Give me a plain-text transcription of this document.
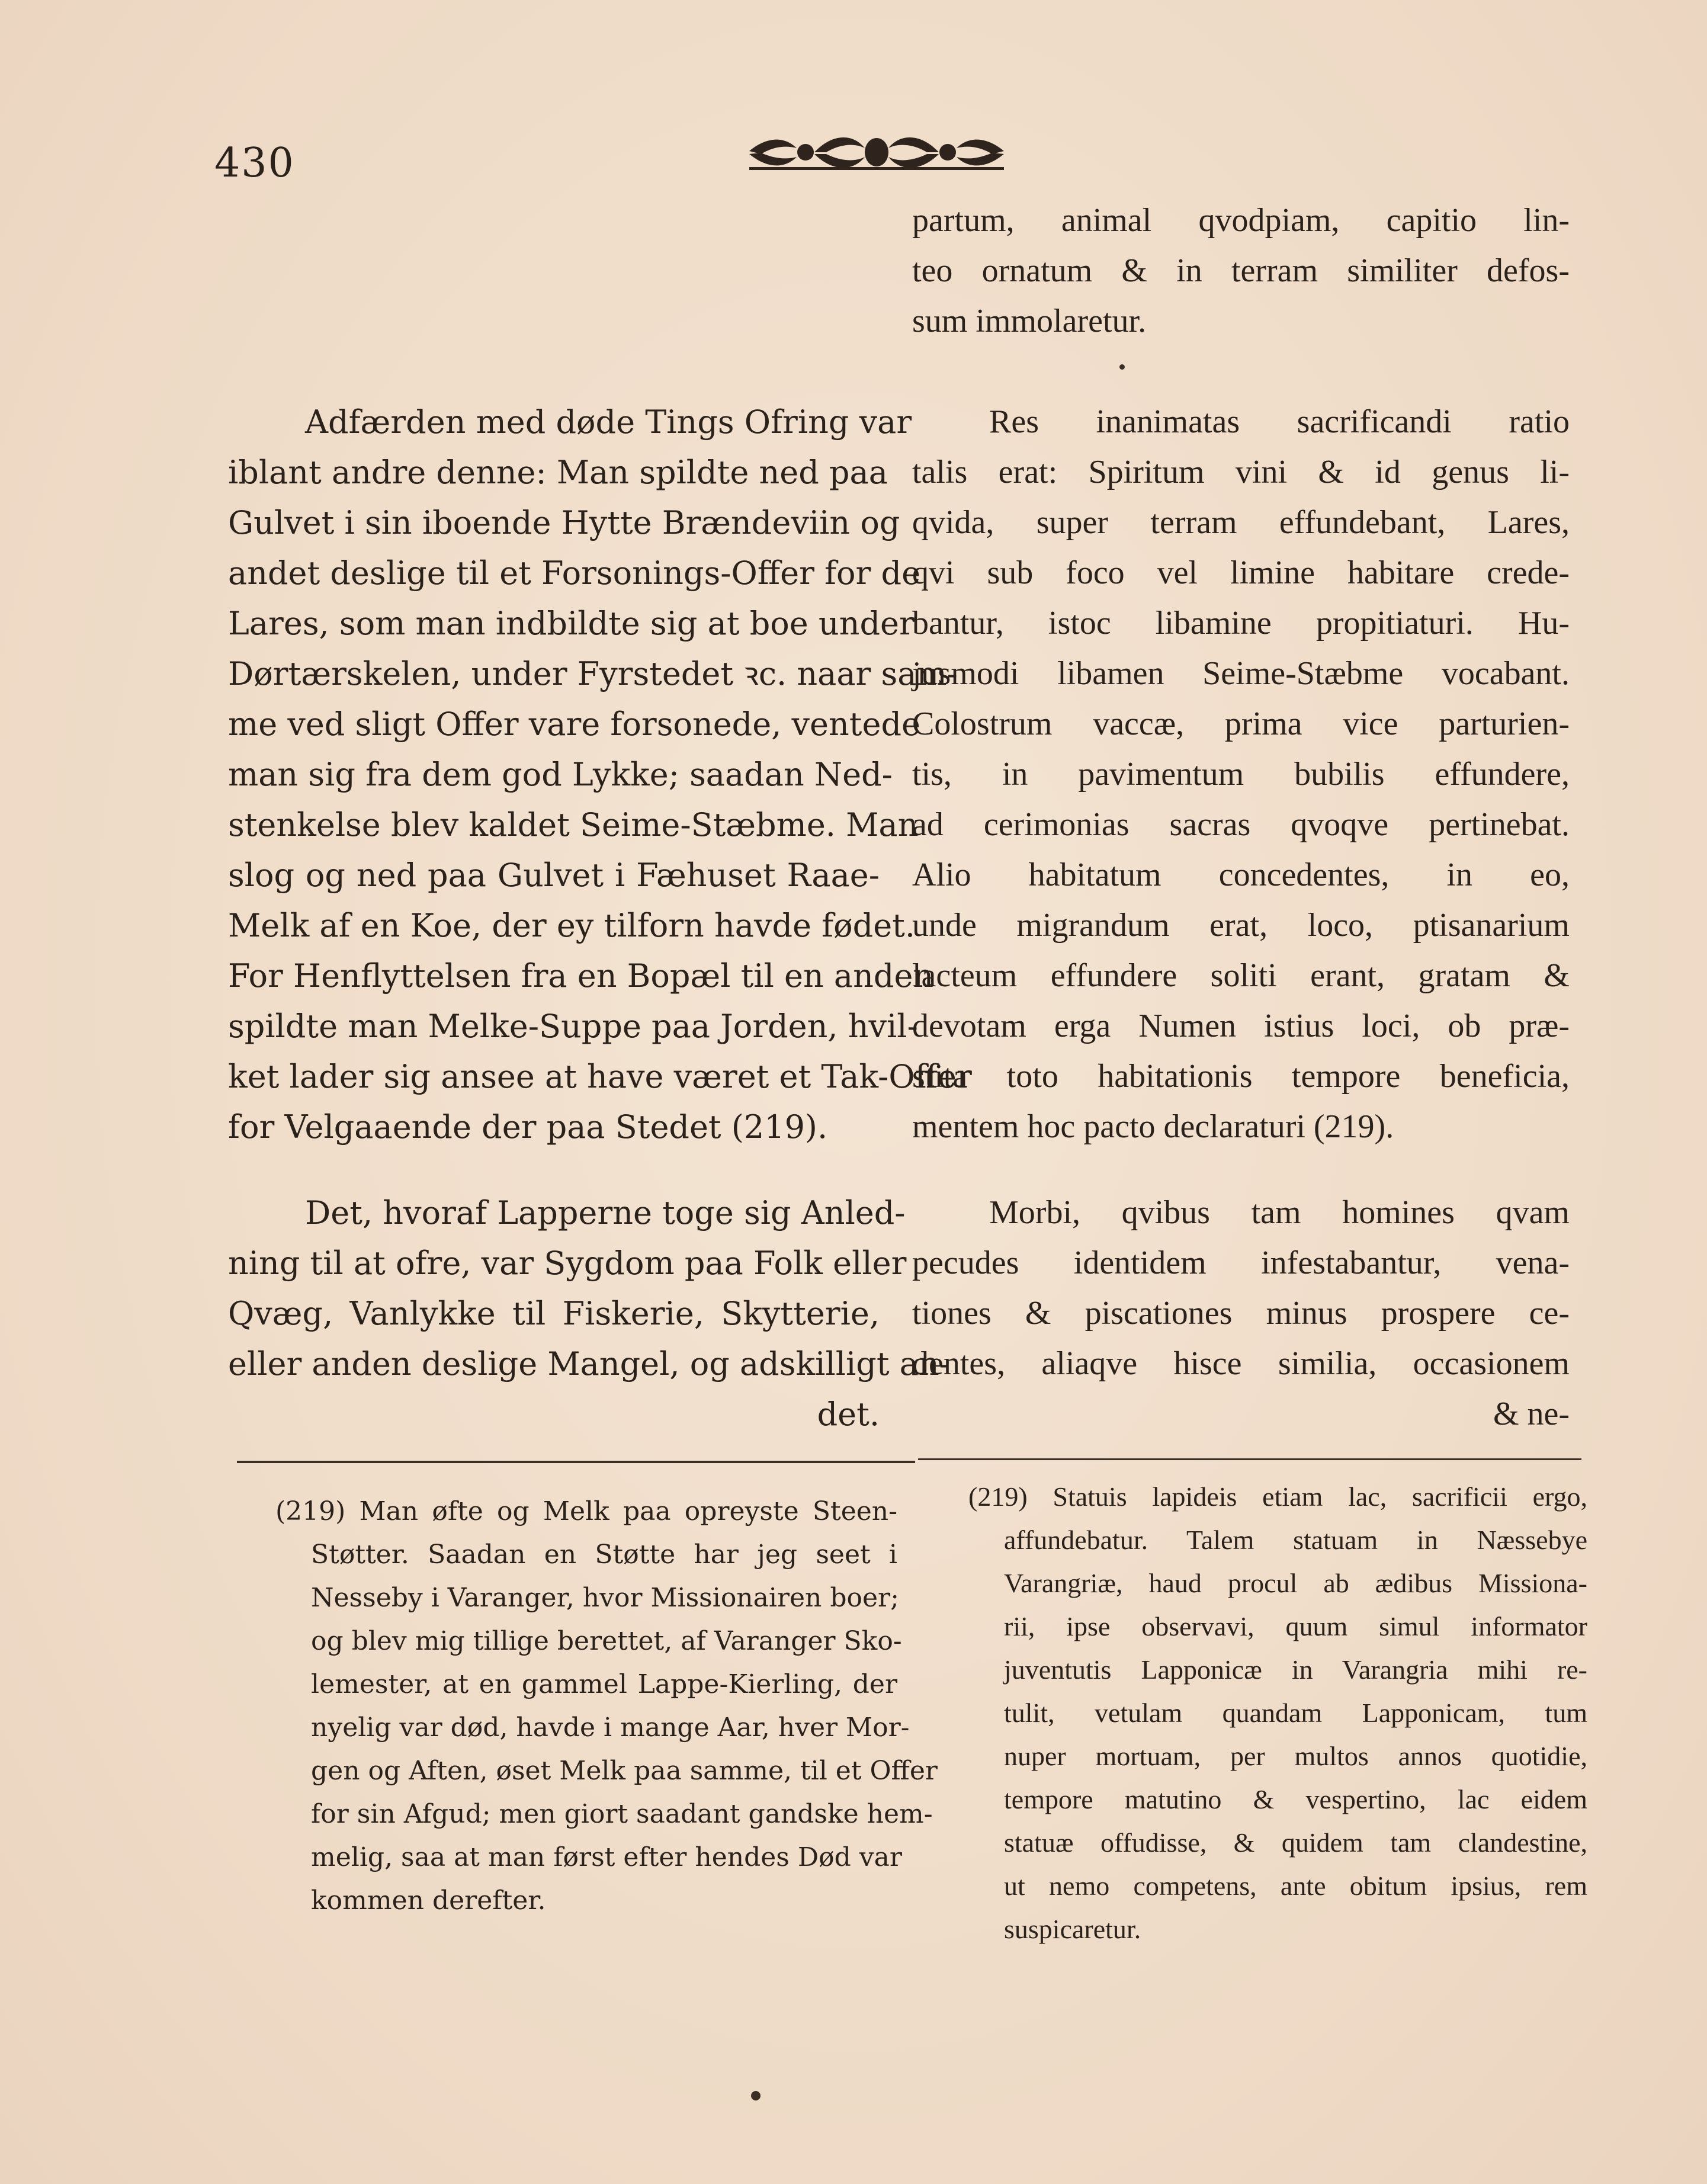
430
Adfærden med døde Tings Ofring var
iblant andre denne: Man spildte ned paa
Gulvet i sin iboende Hytte Brændeviin og
andet deslige til et Forsonings-Offer for de
Lares, som man indbildte sig at boe under
Dørtærskelen, under Fyrstedet ꝛc. naar sam-
me ved sligt Offer vare forsonede, ventede
man sig fra dem god Lykke; saadan Ned-
stenkelse blev kaldet Seime-Stæbme. Man
slog og ned paa Gulvet i Fæhuset Raae-
Melk af en Koe, der ey tilforn havde fødet.
For Henflyttelsen fra en Bopæl til en anden
spildte man Melke-Suppe paa Jorden, hvil-
ket lader sig ansee at have været et Tak-Offer
for Velgaaende der paa Stedet (219).
Det, hvoraf Lapperne toge sig Anled-
ning til at ofre, var Sygdom paa Folk eller
Qvæg, Vanlykke til Fiskerie, Skytterie,
eller anden deslige Mangel, og adskilligt an-
det.
partum, animal qvodpiam, capitio lin-
teo ornatum & in terram similiter defos-
sum immolaretur.
Res inanimatas sacrificandi ratio
talis erat: Spiritum vini & id genus li-
qvida, super terram effundebant, Lares,
qvi sub foco vel limine habitare crede-
bantur, istoc libamine propitiaturi. Hu-
jusmodi libamen Seime-Stæbme vocabant.
Colostrum vaccæ, prima vice parturien-
tis, in pavimentum bubilis effundere,
ad cerimonias sacras qvoqve pertinebat.
Alio habitatum concedentes, in eo,
unde migrandum erat, loco, ptisanarium
lacteum effundere soliti erant, gratam &
devotam erga Numen istius loci, ob præ-
stita toto habitationis tempore beneficia,
mentem hoc pacto declaraturi (219).
Morbi, qvibus tam homines qvam
pecudes identidem infestabantur, vena-
tiones & piscationes minus prospere ce-
dentes, aliaqve hisce similia, occasionem
& ne-
(219) Man øfte og Melk paa opreyste Steen-
Støtter. Saadan en Støtte har jeg seet i
Nesseby i Varanger, hvor Missionairen boer;
og blev mig tillige berettet, af Varanger Sko-
lemester, at en gammel Lappe-Kierling, der
nyelig var død, havde i mange Aar, hver Mor-
gen og Aften, øset Melk paa samme, til et Offer
for sin Afgud; men giort saadant gandske hem-
melig, saa at man først efter hendes Død var
kommen derefter.
(219) Statuis lapideis etiam lac, sacrificii ergo,
affundebatur. Talem statuam in Næssebye
Varangriæ, haud procul ab ædibus Missiona-
rii, ipse observavi, quum simul informator
juventutis Lapponicæ in Varangria mihi re-
tulit, vetulam quandam Lapponicam, tum
nuper mortuam, per multos annos quotidie,
tempore matutino & vespertino, lac eidem
statuæ offudisse, & quidem tam clandestine,
ut nemo competens, ante obitum ipsius, rem
suspicaretur.
